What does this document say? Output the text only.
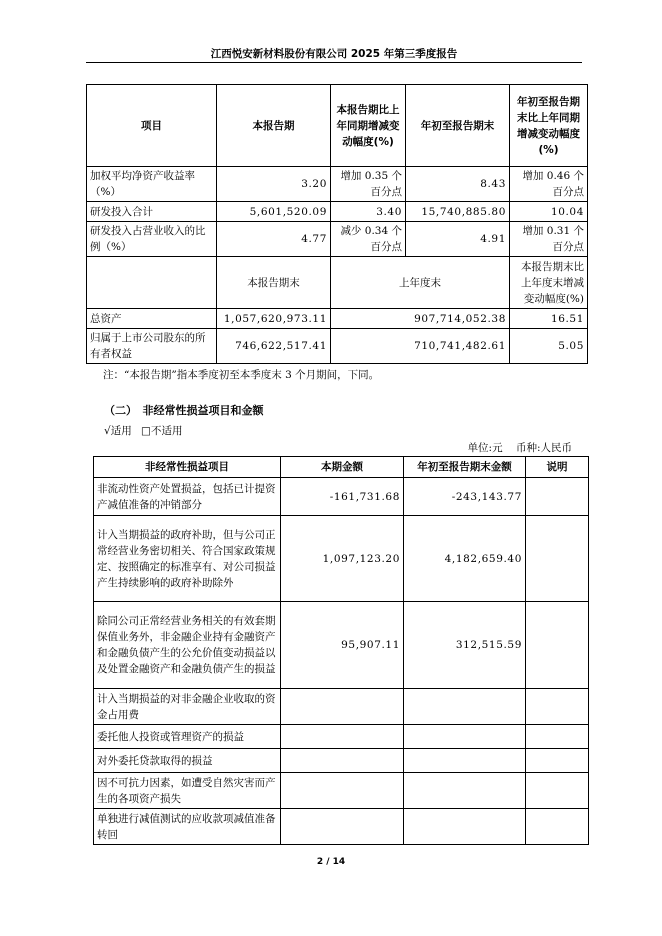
江西悦安新材料股份有限公司 2025 年第三季度报告
项目	本报告期	本报告期比上年同期增减变动幅度(%)	年初至报告期末	年初至报告期末比上年同期增减变动幅度(%)
加权平均净资产收益率（%）	3.20	增加 0.35 个百分点	8.43	增加 0.46 个百分点
研发投入合计	5,601,520.09	3.40	15,740,885.80	10.04
研发投入占营业收入的比例（%）	4.77	减少 0.34 个百分点	4.91	增加 0.31 个百分点
	本报告期末	上年度末		本报告期末比上年度末增减变动幅度(%)
总资产	1,057,620,973.11	907,714,052.38		16.51
归属于上市公司股东的所有者权益	746,622,517.41	710,741,482.61		5.05
注：“本报告期”指本季度初至本季度末 3 个月期间，下同。
（二）　非经常性损益项目和金额
√适用 □不适用
单位:元 币种:人民币
非经常性损益项目	本期金额	年初至报告期末金额	说明
非流动性资产处置损益，包括已计提资产减值准备的冲销部分	-161,731.68	-243,143.77	
计入当期损益的政府补助，但与公司正常经营业务密切相关、符合国家政策规定、按照确定的标准享有、对公司损益产生持续影响的政府补助除外	1,097,123.20	4,182,659.40	
除同公司正常经营业务相关的有效套期保值业务外，非金融企业持有金融资产和金融负债产生的公允价值变动损益以及处置金融资产和金融负债产生的损益	95,907.11	312,515.59	
计入当期损益的对非金融企业收取的资金占用费			
委托他人投资或管理资产的损益			
对外委托贷款取得的损益			
因不可抗力因素，如遭受自然灾害而产生的各项资产损失			
单独进行减值测试的应收款项减值准备转回			
2 / 14
